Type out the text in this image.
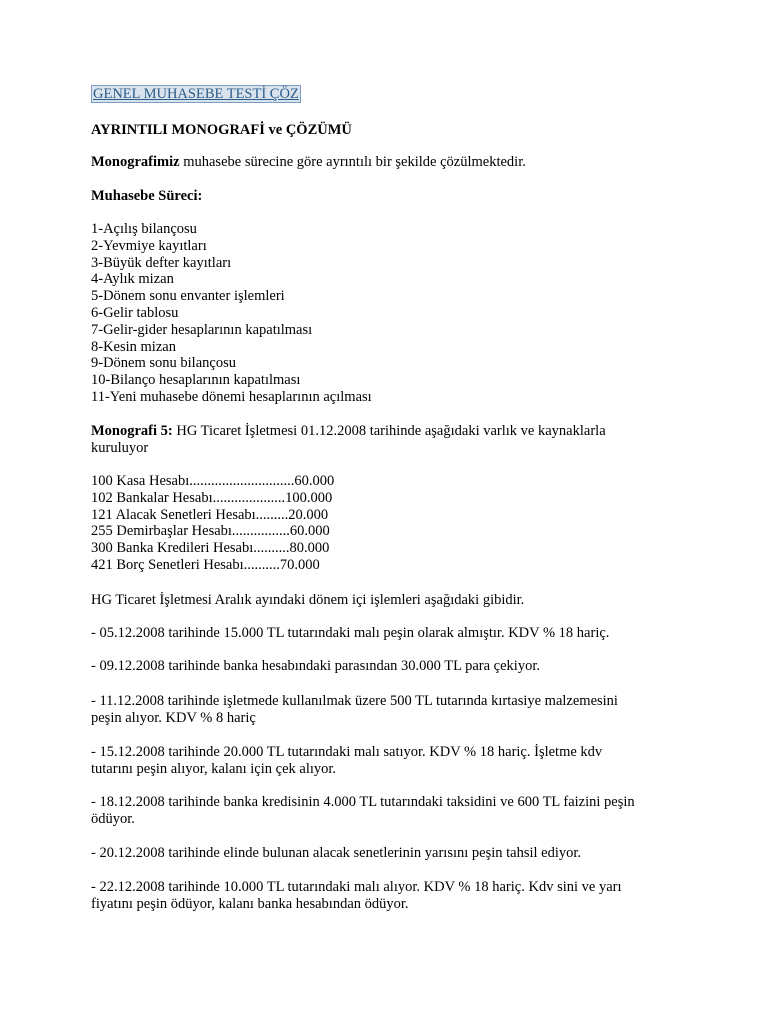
GENEL MUHASEBE TESTİ ÇÖZ

AYRINTILI MONOGRAFİ ve ÇÖZÜMÜ

Monografimiz muhasebe sürecine göre ayrıntılı bir şekilde çözülmektedir.

Muhasebe Süreci:

1-Açılış bilançosu
2-Yevmiye kayıtları
3-Büyük defter kayıtları
4-Aylık mizan
5-Dönem sonu envanter işlemleri
6-Gelir tablosu
7-Gelir-gider hesaplarının kapatılması
8-Kesin mizan
9-Dönem sonu bilançosu
10-Bilanço hesaplarının kapatılması
11-Yeni muhasebe dönemi hesaplarının açılması
Monografi 5: HG Ticaret İşletmesi 01.12.2008 tarihinde aşağıdaki varlık ve kaynaklarla
kuruluyor
100 Kasa Hesabı.............................60.000
102 Bankalar Hesabı....................100.000
121 Alacak Senetleri Hesabı.........20.000
255 Demirbaşlar Hesabı................60.000
300 Banka Kredileri Hesabı..........80.000
421 Borç Senetleri Hesabı..........70.000

HG Ticaret İşletmesi Aralık ayındaki dönem içi işlemleri aşağıdaki gibidir.

- 05.12.2008 tarihinde 15.000 TL tutarındaki malı peşin olarak almıştır. KDV % 18 hariç.

- 09.12.2008 tarihinde banka hesabındaki parasından 30.000 TL para çekiyor.

- 11.12.2008 tarihinde işletmede kullanılmak üzere 500 TL tutarında kırtasiye malzemesini
peşin alıyor. KDV % 8 hariç

- 15.12.2008 tarihinde 20.000 TL tutarındaki malı satıyor. KDV % 18 hariç. İşletme kdv
tutarını peşin alıyor, kalanı için çek alıyor.

- 18.12.2008 tarihinde banka kredisinin 4.000 TL tutarındaki taksidini ve 600 TL faizini peşin
ödüyor.

- 20.12.2008 tarihinde elinde bulunan alacak senetlerinin yarısını peşin tahsil ediyor.

- 22.12.2008 tarihinde 10.000 TL tutarındaki malı alıyor. KDV % 18 hariç. Kdv sini ve yarı
fiyatını peşin ödüyor, kalanı banka hesabından ödüyor.
